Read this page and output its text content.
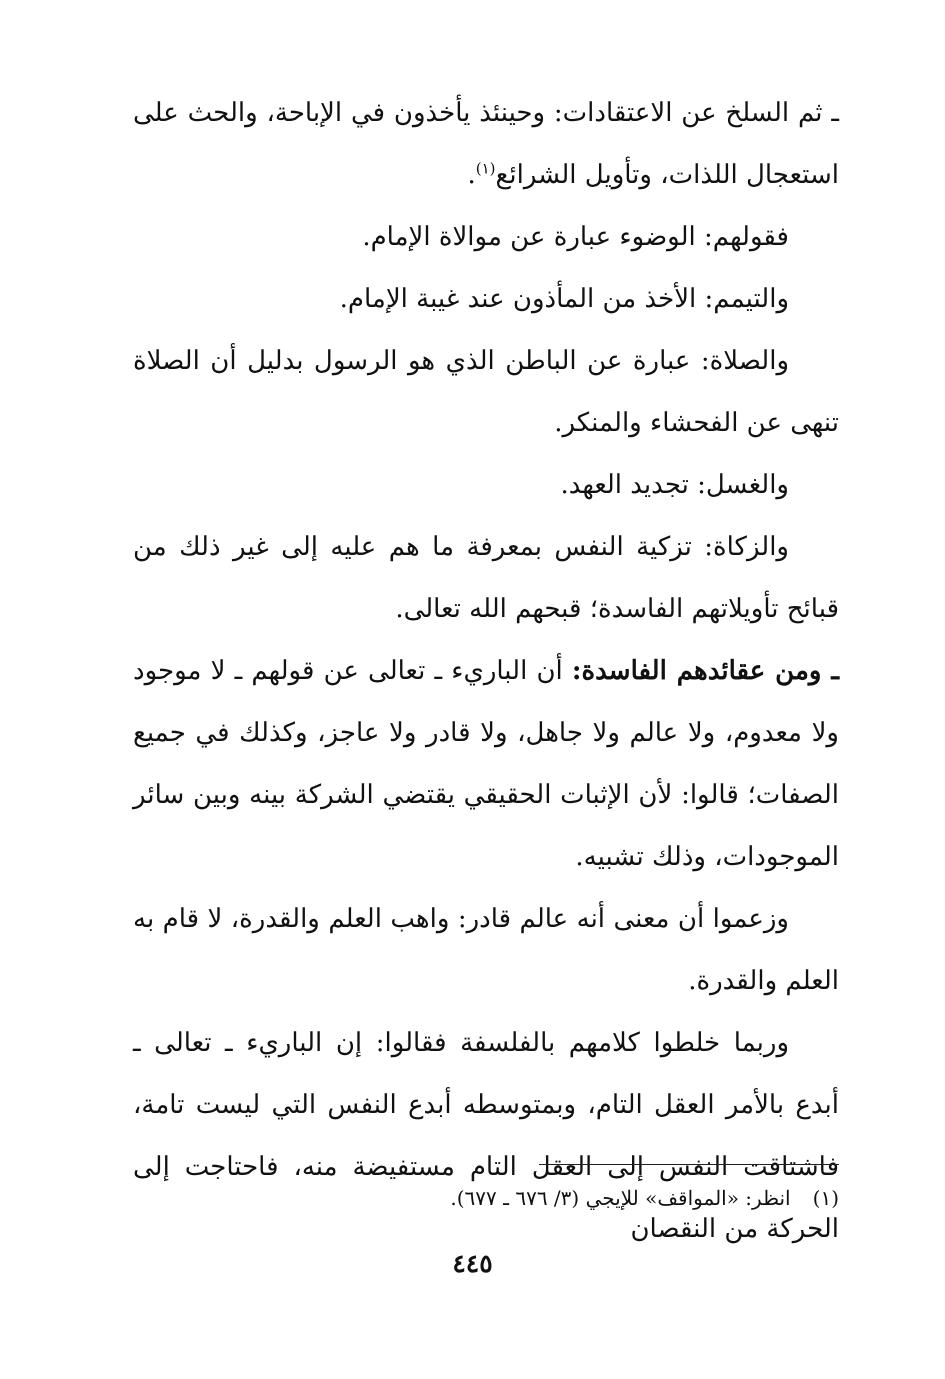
ـ ثم السلخ عن الاعتقادات: وحينئذ يأخذون في الإباحة، والحث على استعجال اللذات، وتأويل الشرائع$^{(١)}$.

فقولهم: الوضوء عبارة عن موالاة الإمام.

والتيمم: الأخذ من المأذون عند غيبة الإمام.

والصلاة: عبارة عن الباطن الذي هو الرسول بدليل أن الصلاة تنهى عن الفحشاء والمنكر.

والغسل: تجديد العهد.

والزكاة: تزكية النفس بمعرفة ما هم عليه إلى غير ذلك من قبائح تأويلاتهم الفاسدة؛ قبحهم الله تعالى.

ـ ومن عقائدهم الفاسدة: أن الباريء ـ تعالى عن قولهم ـ لا موجود ولا معدوم، ولا عالم ولا جاهل، ولا قادر ولا عاجز، وكذلك في جميع الصفات؛ قالوا: لأن الإثبات الحقيقي يقتضي الشركة بينه وبين سائر الموجودات، وذلك تشبيه.

وزعموا أن معنى أنه عالم قادر: واهب العلم والقدرة، لا قام به العلم والقدرة.

وربما خلطوا كلامهم بالفلسفة فقالوا: إن الباريء ـ تعالى ـ أبدع بالأمر العقل التام، وبمتوسطه أبدع النفس التي ليست تامة، فاشتاقت النفس إلى العقل التام مستفيضة منه، فاحتاجت إلى الحركة من النقصان

(١)انظر: «المواقف» للإيجي (٣/ ٦٧٦ ـ ٦٧٧).
٤٤٥
